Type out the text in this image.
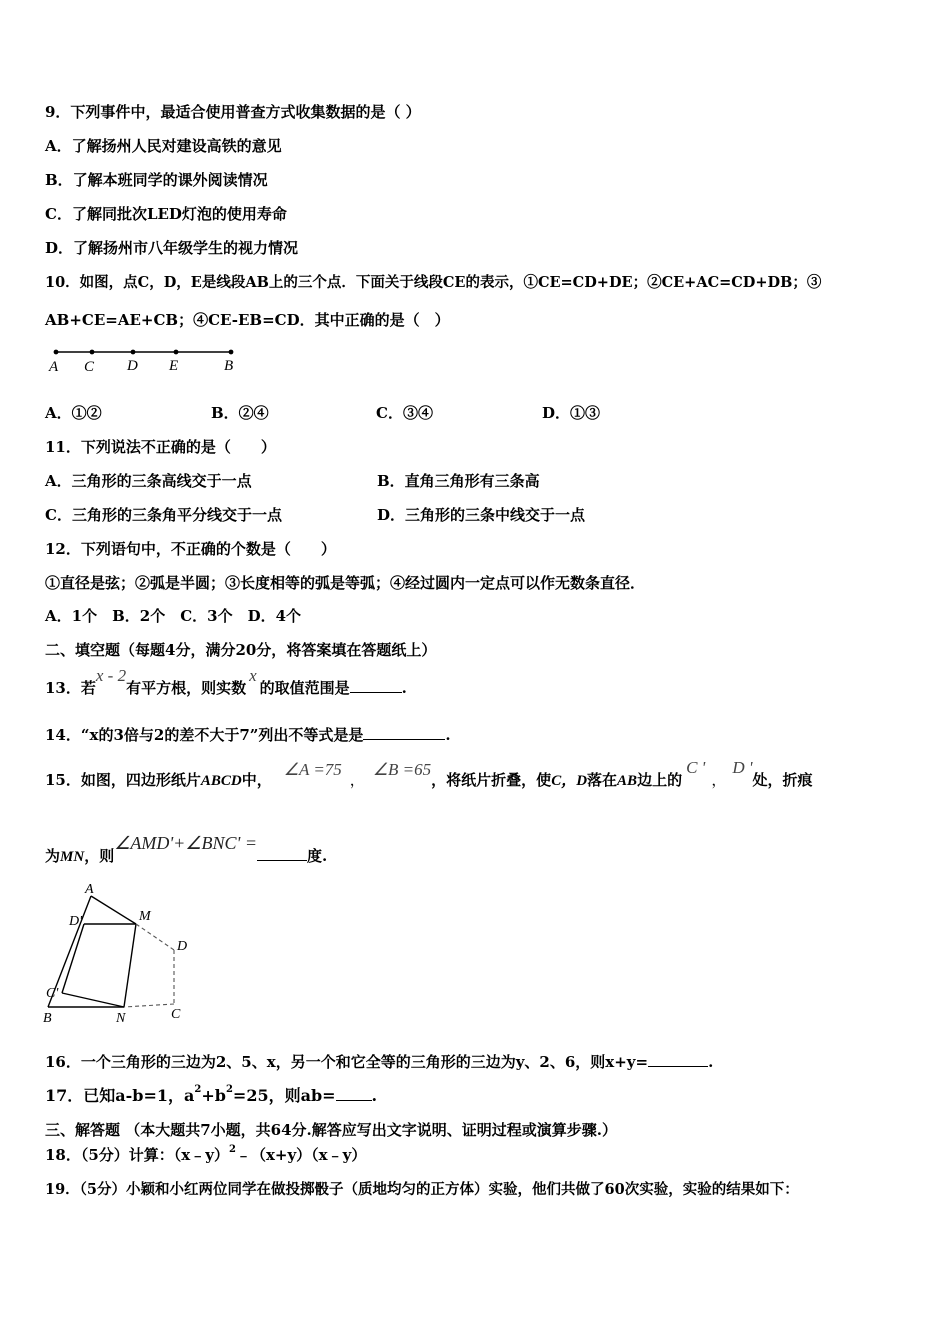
9．下列事件中，最适合使用普查方式收集数据的是（ ）
A．了解扬州人民对建设高铁的意见
B．了解本班同学的课外阅读情况
C．了解同批次LED灯泡的使用寿命
D．了解扬州市八年级学生的视力情况
10．如图，点C，D，E是线段AB上的三个点．下面关于线段CE的表示，①CE=CD+DE；②CE+AC=CD+DB；③
AB+CE=AE+CB；④CE-EB=CD．其中正确的是（　）
A C D E	B
A．①②	B．②④	C．③④	D．①③
11．下列说法不正确的是（　　）
A．三角形的三条高线交于一点	B．直角三角形有三条高
C．三角形的三条角平分线交于一点	D．三角形的三条中线交于一点
12．下列语句中，不正确的个数是（　　）
①直径是弦；②弧是半圆；③长度相等的弧是等弧；④经过圆内一定点可以作无数条直径．
A．1个　B．2个　C．3个　D．4个
二、填空题（每题4分，满分20分，将答案填在答题纸上）
13．若x - 2有平方根，则实数x的取值范围是	.
14．“x的3倍与2的差不大于7”列出不等式是是	.
15．如图，四边形纸片ABCD中，∠A =75，∠B =65，将纸片折叠，使C，D落在AB边上的C '，D '处，折痕
为MN，则∠AMD'+∠BNC' =度.
A
D'	M
D
C'
B	N	C
16．一个三角形的三边为2、5、x，另一个和它全等的三角形的三边为y、2、6，则x+y=	.
17．已知a-b=1，$a^2+b^2=25$，则ab= .
三、解答题 （本大题共7小题，共64分.解答应写出文字说明、证明过程或演算步骤.）
18．（5分）计算：（x﹣y）$^2$﹣（x+y）（x﹣y）
19．（5分）小颖和小红两位同学在做投掷骰子（质地均匀的正方体）实验，他们共做了60次实验，实验的结果如下：
